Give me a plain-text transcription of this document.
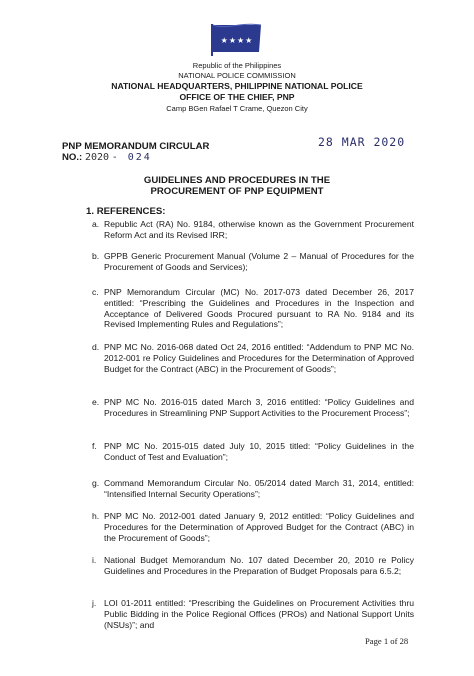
★★★★

Republic of the Philippines

NATIONAL POLICE COMMISSION

NATIONAL HEADQUARTERS, PHILIPPINE NATIONAL POLICE

OFFICE OF THE CHIEF, PNP

Camp BGen Rafael T Crame, Quezon City

28 MAR 2020
PNP MEMORANDUM CIRCULAR
NO.: 2020 - 024
GUIDELINES AND PROCEDURES IN THE
PROCUREMENT OF PNP EQUIPMENT
1. REFERENCES:
a. Republic Act (RA) No. 9184, otherwise known as the Government Procurement Reform Act and its Revised IRR;

b. GPPB Generic Procurement Manual (Volume 2 – Manual of Procedures for the Procurement of Goods and Services);

c. PNP Memorandum Circular (MC) No. 2017-073 dated December 26, 2017 entitled: “Prescribing the Guidelines and Procedures in the Inspection and Acceptance of Delivered Goods Procured pursuant to RA No. 9184 and its Revised Implementing Rules and Regulations”;

d. PNP MC No. 2016-068 dated Oct 24, 2016 entitled: “Addendum to PNP MC No. 2012-001 re Policy Guidelines and Procedures for the Determination of Approved Budget for the Contract (ABC) in the Procurement of Goods”;

e. PNP MC No. 2016-015 dated March 3, 2016 entitled: “Policy Guidelines and Procedures in Streamlining PNP Support Activities to the Procurement Process”;

f. PNP MC No. 2015-015 dated July 10, 2015 titled: “Policy Guidelines in the Conduct of Test and Evaluation”;

g. Command Memorandum Circular No. 05/2014 dated March 31, 2014, entitled: “Intensified Internal Security Operations”;

h. PNP MC No. 2012-001 dated January 9, 2012 entitled: “Policy Guidelines and Procedures for the Determination of Approved Budget for the Contract (ABC) in the Procurement of Goods”;

i. National Budget Memorandum No. 107 dated December 20, 2010 re Policy Guidelines and Procedures in the Preparation of Budget Proposals para 6.5.2;

j. LOI 01-2011 entitled: “Prescribing the Guidelines on Procurement Activities thru Public Bidding in the Police Regional Offices (PROs) and National Support Units (NSUs)”; and

Page 1 of 28
